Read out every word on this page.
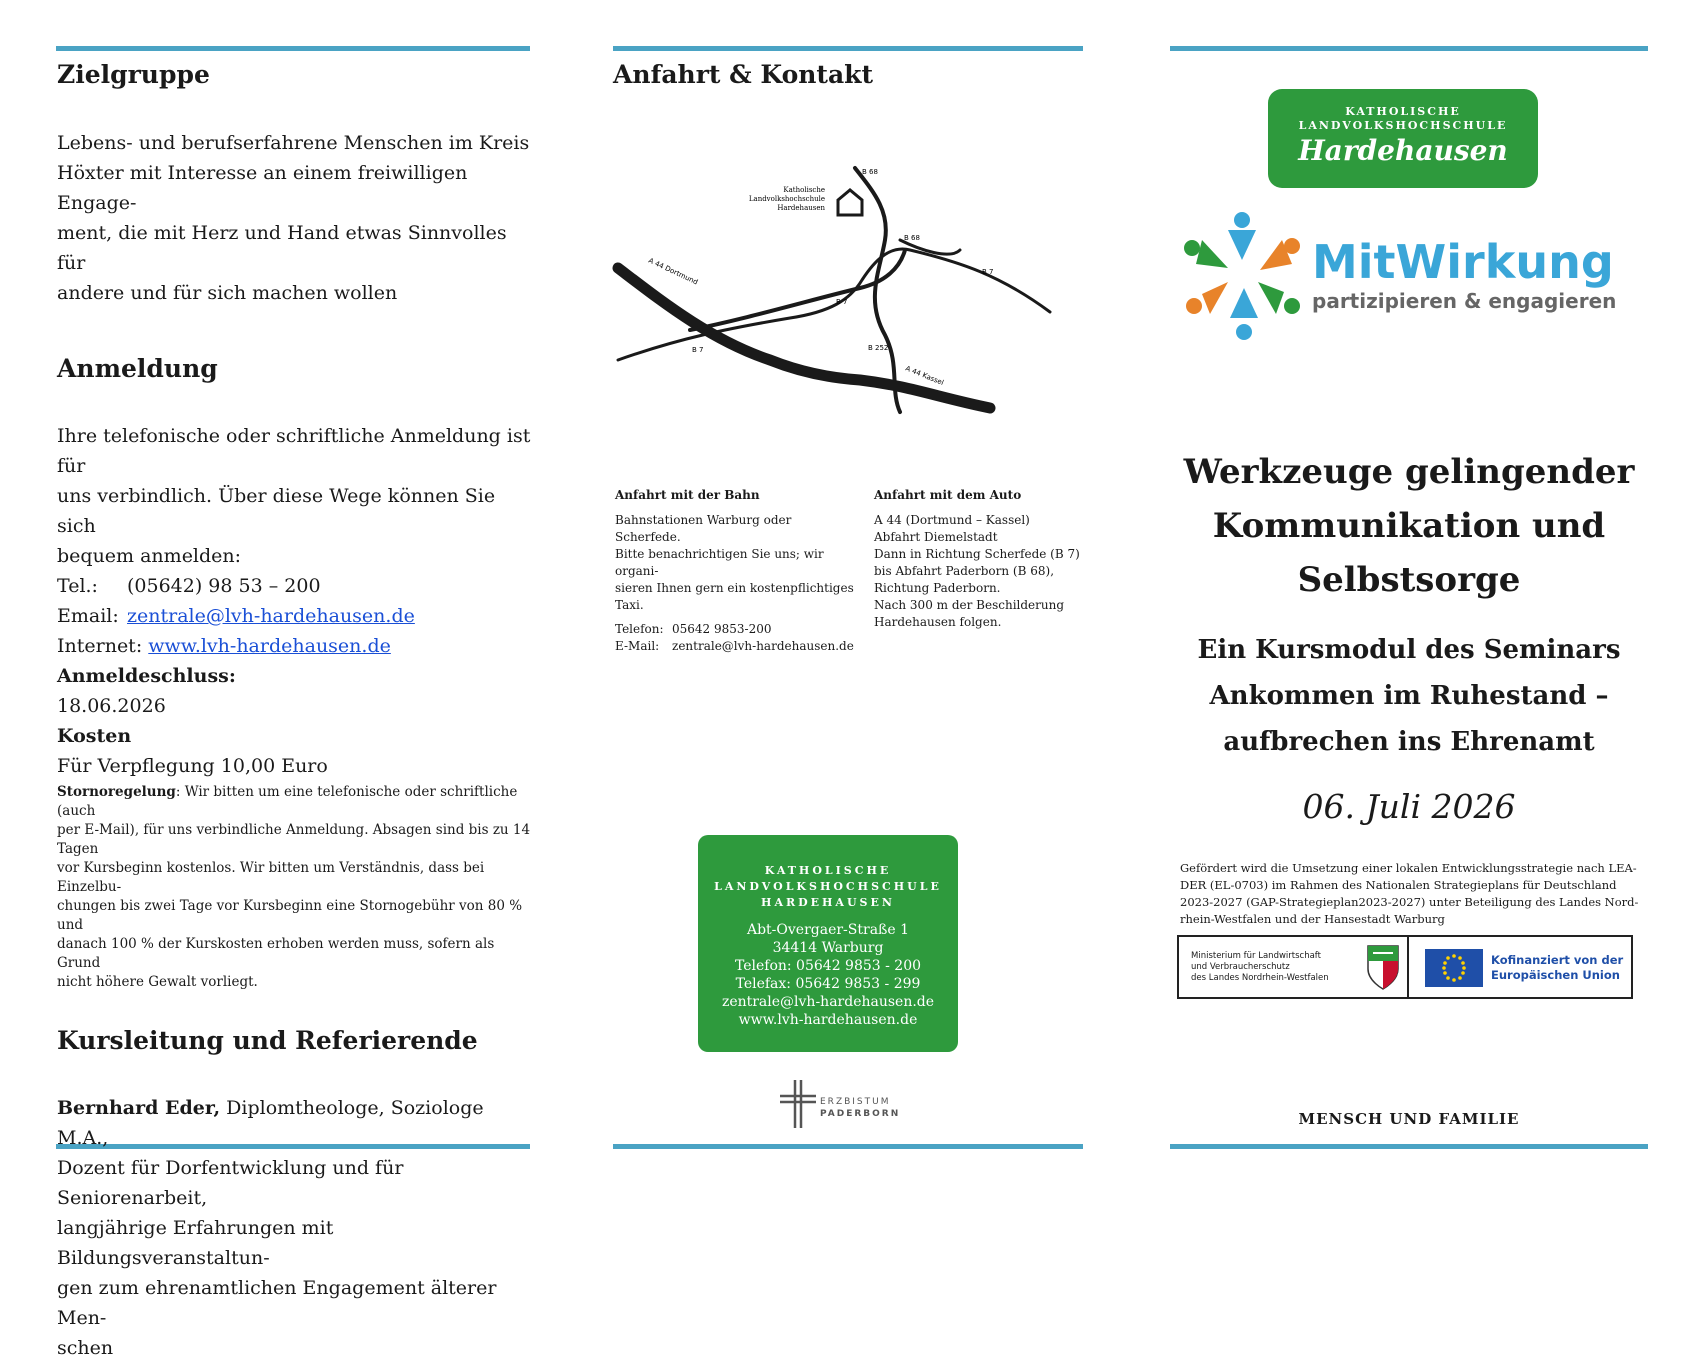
Zielgruppe

Lebens- und berufserfahrene Menschen im Kreis

Höxter mit Interesse an einem freiwilligen Engage-

ment, die mit Herz und Hand etwas Sinnvolles für

andere und für sich machen wollen

Anmeldung

Ihre telefonische oder schriftliche Anmeldung ist für

uns verbindlich. Über diese Wege können Sie sich

bequem anmelden:

Tel.: (05642) 98 53 – 200

Email: zentrale@lvh-hardehausen.de

Internet: www.lvh-hardehausen.de

Anmeldeschluss:

18.06.2026

Kosten

Für Verpflegung 10,00 Euro

Stornoregelung: Wir bitten um eine telefonische oder schriftliche (auch
per E-Mail), für uns verbindliche Anmeldung. Absagen sind bis zu 14 Tagen
vor Kursbeginn kostenlos. Wir bitten um Verständnis, dass bei Einzelbu-
chungen bis zwei Tage vor Kursbeginn eine Stornogebühr von 80 % und
danach 100 % der Kurskosten erhoben werden muss, sofern als Grund
nicht höhere Gewalt vorliegt.
Kursleitung und Referierende

Bernhard Eder, Diplomtheologe, Soziologe M.A.,

Dozent für Dorfentwicklung und für Seniorenarbeit,

langjährige Erfahrungen mit Bildungsveranstaltun-

gen zum ehrenamtlichen Engagement älterer Men-

schen

Anfahrt & Kontakt
Katholische
Landvolkshochschule
Hardehausen
B 68
B 68
B 7
B 7
B 7	B 252
A 44 Dortmund
A 44 Kassel
Anfahrt mit der Bahn
Bahnstationen Warburg oder Scherfede.
Bitte benachrichtigen Sie uns; wir organi-
sieren Ihnen gern ein kostenpflichtiges
Taxi.
Telefon: 05642 9853-200
E-Mail: zentrale@lvh-hardehausen.de
Anfahrt mit dem Auto
A 44 (Dortmund – Kassel)
Abfahrt Diemelstadt
Dann in Richtung Scherfede (B 7)
bis Abfahrt Paderborn (B 68),
Richtung Paderborn.
Nach 300 m der Beschilderung
Hardehausen folgen.
KATHOLISCHE
LANDVOLKSHOCHSCHULE
HARDEHAUSEN
Abt-Overgaer-Straße 1
34414 Warburg
Telefon: 05642 9853 - 200
Telefax: 05642 9853 - 299
zentrale@lvh-hardehausen.de
www.lvh-hardehausen.de
ERZBISTUM
PADERBORN
KATHOLISCHE
LANDVOLKSHOCHSCHULE
Hardehausen
MitWirkung
partizipieren & engagieren
Werkzeuge gelingender
Kommunikation und
Selbstsorge
Ein Kursmodul des Seminars
Ankommen im Ruhestand –
aufbrechen ins Ehrenamt
06. Juli 2026
Gefördert wird die Umsetzung einer lokalen Entwicklungsstrategie nach LEA-
DER (EL-0703) im Rahmen des Nationalen Strategieplans für Deutschland
2023-2027 (GAP-Strategieplan2023-2027) unter Beteiligung des Landes Nord-
rhein-Westfalen und der Hansestadt Warburg
Ministerium für Landwirtschaft
und Verbraucherschutz
des Landes Nordrhein-Westfalen
Kofinanziert von der
Europäischen Union
MENSCH UND FAMILIE
